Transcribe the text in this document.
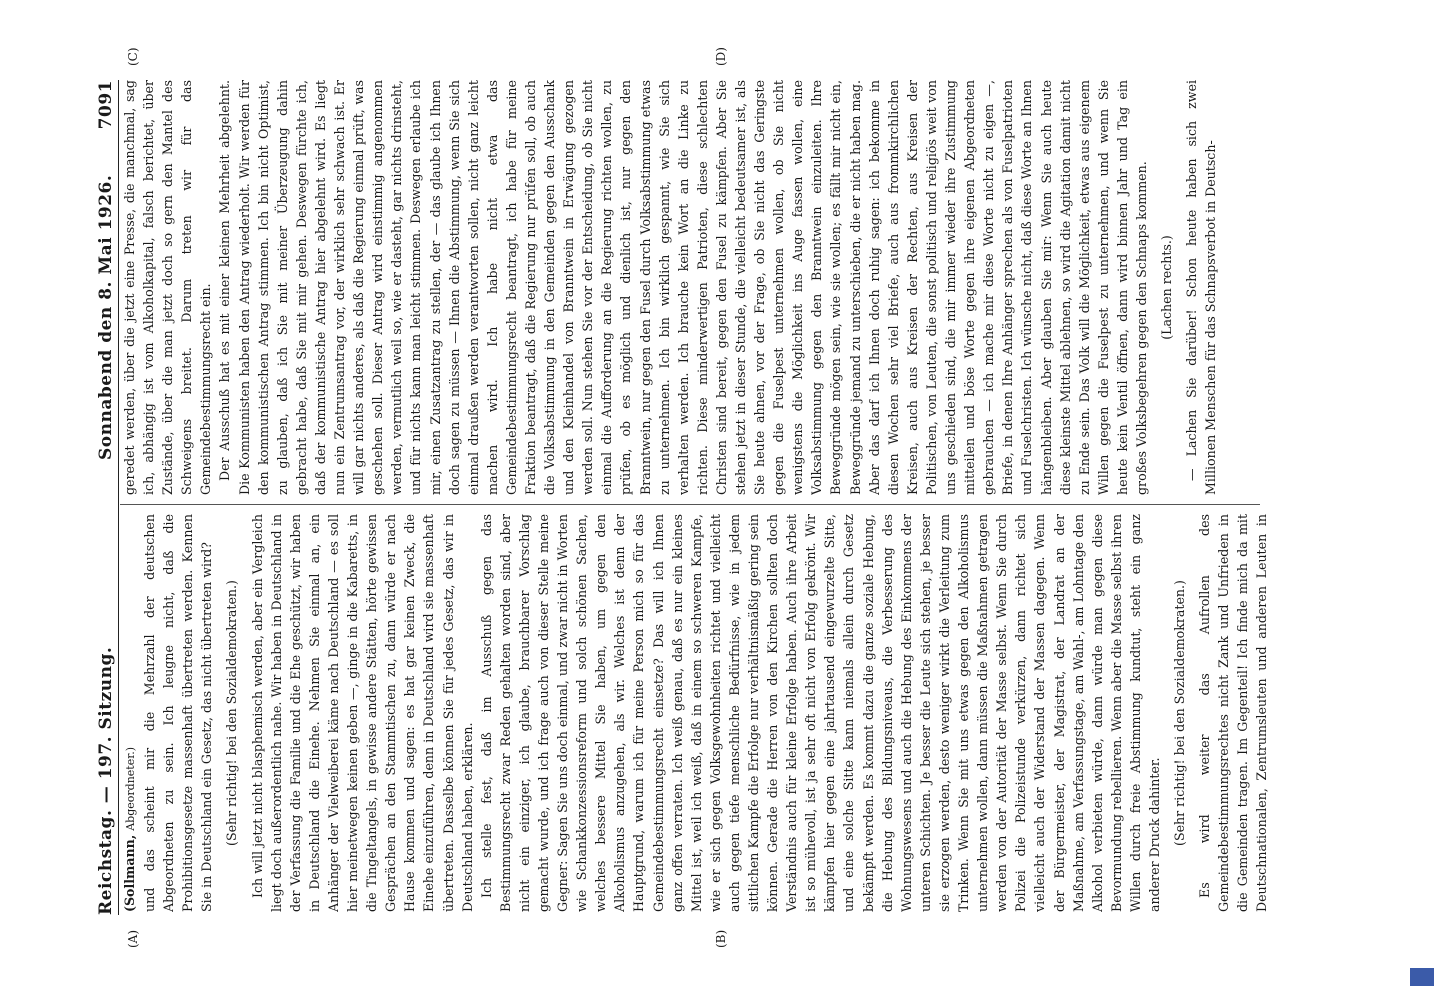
Reichstag. — 197. Sitzung.
Sonnabend den 8. Mai 1926.
7091
(A)	(B)
(C)	(D)

(Sollmann, Abgeordneter.) und das scheint mir die Mehrzahl der deutschen Abgeordneten zu sein. Ich leugne nicht, daß die Prohibitionsgesetze massenhaft übertreten werden. Kennen Sie in Deutschland ein Gesetz, das nicht übertreten wird? (Sehr richtig! bei den Sozialdemokraten.) Ich will jetzt nicht blasphemisch werden, aber ein Vergleich liegt doch außerordentlich nahe. Wir haben in Deutschland in der Verfassung die Familie und die Ehe geschützt, wir haben in Deutschland die Einehe. Nehmen Sie einmal an, ein Anhänger der Vielweiberei käme nach Deutschland — es soll hier meinetwegen keinen geben —, ginge in die Kabaretts, in die Tingeltangels, in gewisse andere Stätten, hörte gewissen Gesprächen an den Stammtischen zu, dann würde er nach Hause kommen und sagen: es hat gar keinen Zweck, die Einehe einzuführen, denn in Deutschland wird sie massenhaft übertreten. Dasselbe können Sie für jedes Gesetz, das wir in Deutschland haben, erklären. Ich stelle fest, daß im Ausschuß gegen das Bestimmungsrecht zwar Reden gehalten worden sind, aber nicht ein einziger, ich glaube, brauchbarer Vorschlag gemacht wurde, und ich frage auch von dieser Stelle meine Gegner: Sagen Sie uns doch einmal, und zwar nicht in Worten wie Schankkonzessionsreform und solch schönen Sachen, welches bessere Mittel Sie haben, um gegen den Alkoholismus anzugehen, als wir. Welches ist denn der Hauptgrund, warum ich für meine Person mich so für das Gemeindebestimmungsrecht einsetze? Das will ich Ihnen ganz offen verraten. Ich weiß genau, daß es nur ein kleines Mittel ist, weil ich weiß, daß in einem so schweren Kampfe, wie er sich gegen Volksgewohnheiten richtet und vielleicht auch gegen tiefe menschliche Bedürfnisse, wie in jedem sittlichen Kampfe die Erfolge nur verhältnismäßig gering sein können. Gerade die Herren von den Kirchen sollten doch Verständnis auch für kleine Erfolge haben. Auch ihre Arbeit ist so mühevoll, ist ja sehr oft nicht von Erfolg gekrönt. Wir kämpfen hier gegen eine jahrtausend eingewurzelte Sitte, und eine solche Sitte kann niemals allein durch Gesetz bekämpft werden. Es kommt dazu die ganze soziale Hebung, die Hebung des Bildungsniveaus, die Verbesserung des Wohnungswesens und auch die Hebung des Einkommens der unteren Schichten. Je besser die Leute sich stehen, je besser sie erzogen werden, desto weniger wirkt die Verleitung zum Trinken. Wenn Sie mit uns etwas gegen den Alkoholismus unternehmen wollen, dann müssen die Maßnahmen getragen werden von der Autorität der Masse selbst. Wenn Sie durch Polizei die Polizeistunde verkürzen, dann richtet sich vielleicht auch der Widerstand der Massen dagegen. Wenn der Bürgermeister, der Magistrat, der Landrat an der Maßnahme, am Verfassungstage, am Wahl-, am Lohntage den Alkohol verbieten würde, dann würde man gegen diese Bevormundung rebellieren. Wenn aber die Masse selbst ihren Willen durch freie Abstimmung kundtut, steht ein ganz anderer Druck dahinter. (Sehr richtig! bei den Sozialdemokraten.)

Es wird weiter das Aufrollen des Gemeindebestimmungsrechtes nicht Zank und Unfrieden in die Gemeinden tragen. Im Gegenteil! Ich finde mich da mit Deutschnationalen, Zentrumsleuten und anderen Leuten in

geredet werden, über die jetzt eine Presse, die manchmal, sag ich, abhängig ist vom Alkoholkapital, falsch berichtet, über Zustände, über die man jetzt doch so gern den Mantel des Schweigens breitet. Darum treten wir für das Gemeindebestimmungsrecht ein. Der Ausschuß hat es mit einer kleinen Mehrheit abgelehnt. Die Kommunisten haben den Antrag wiederholt. Wir werden für den kommunistischen Antrag stimmen. Ich bin nicht Optimist, zu glauben, daß ich Sie mit meiner Überzeugung dahin gebracht habe, daß Sie mit mir gehen. Deswegen fürchte ich, daß der kommunistische Antrag hier abgelehnt wird. Es liegt nun ein Zentrumsantrag vor, der wirklich sehr schwach ist. Er will gar nichts anderes, als daß die Regierung einmal prüft, was geschehen soll. Dieser Antrag wird einstimmig angenommen werden, vermutlich weil so, wie er dasteht, gar nichts drinsteht, und für nichts kann man leicht stimmen. Deswegen erlaube ich mir, einen Zusatzantrag zu stellen, der — das glaube ich Ihnen doch sagen zu müssen — Ihnen die Abstimmung, wenn Sie sich einmal draußen werden verantworten sollen, nicht ganz leicht machen wird. Ich habe nicht etwa das Gemeindebestimmungsrecht beantragt, ich habe für meine Fraktion beantragt, daß die Regierung nur prüfen soll, ob auch die Volksabstimmung in den Gemeinden gegen den Ausschank und den Kleinhandel von Branntwein in Erwägung gezogen werden soll. Nun stehen Sie vor der Entscheidung, ob Sie nicht einmal die Aufforderung an die Regierung richten wollen, zu prüfen, ob es möglich und dienlich ist, nur gegen den Branntwein, nur gegen den Fusel durch Volksabstimmung etwas zu unternehmen. Ich bin wirklich gespannt, wie Sie sich verhalten werden. Ich brauche kein Wort an die Linke zu richten. Diese minderwertigen Patrioten, diese schlechten Christen sind bereit, gegen den Fusel zu kämpfen. Aber Sie stehen jetzt in dieser Stunde, die vielleicht bedeutsamer ist, als Sie heute ahnen, vor der Frage, ob Sie nicht das Geringste gegen die Fuselpest unternehmen wollen, ob Sie nicht wenigstens die Möglichkeit ins Auge fassen wollen, eine Volksabstimmung gegen den Branntwein einzuleiten. Ihre Beweggründe mögen sein, wie sie wollen; es fällt mir nicht ein, Beweggründe jemand zu unterschieben, die er nicht haben mag. Aber das darf ich Ihnen doch ruhig sagen: ich bekomme in diesen Wochen sehr viel Briefe, auch aus frommkirchlichen Kreisen, auch aus Kreisen der Rechten, aus Kreisen der Politischen, von Leuten, die sonst politisch und religiös weit von uns geschieden sind, die mir immer wieder ihre Zustimmung mitteilen und böse Worte gegen ihre eigenen Abgeordneten gebrauchen — ich mache mir diese Worte nicht zu eigen —, Briefe, in denen Ihre Anhänger sprechen als von Fuselpatrioten und Fuselchristen. Ich wünsche nicht, daß diese Worte an Ihnen hängenbleiben. Aber glauben Sie mir: Wenn Sie auch heute diese kleinste Mittel ablehnen, so wird die Agitation damit nicht zu Ende sein. Das Volk will die Möglichkeit, etwas aus eigenem Willen gegen die Fuselpest zu unternehmen, und wenn Sie heute kein Ventil öffnen, dann wird binnen Jahr und Tag ein großes Volksbegehren gegen den Schnaps kommen. (Lachen rechts.) — Lachen Sie darüber! Schon heute haben sich zwei Millionen Menschen für das Schnapsverbot in Deutsch-
